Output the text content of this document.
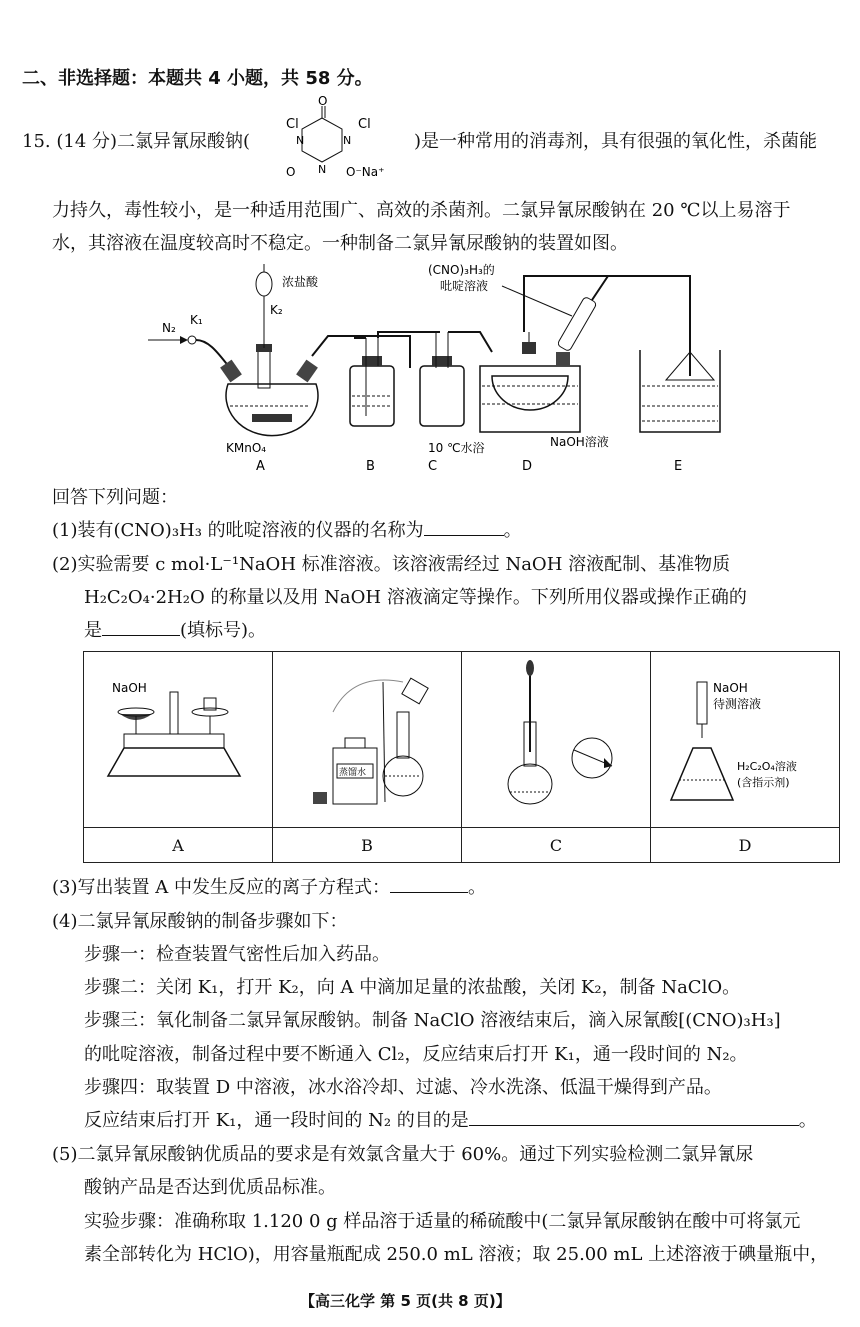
二、非选择题：本题共 4 小题，共 58 分。
15. (14 分)二氯异氰尿酸钠(
O
Cl	Cl
N	N
N
O	O⁻Na⁺
)是一种常用的消毒剂，具有很强的氧化性，杀菌能
力持久，毒性较小，是一种适用范围广、高效的杀菌剂。二氯异氰尿酸钠在 20 ℃以上易溶于
水，其溶液在温度较高时不稳定。一种制备二氯异氰尿酸钠的装置如图。
N₂
K₁
KMnO₄
A
浓盐酸
K₂
B	C
10 ℃水浴	NaOH溶液
D
(CNO)₃H₃的
吡啶溶液
E
回答下列问题：
(1)装有(CNO)₃H₃ 的吡啶溶液的仪器的名称为	。
(2)实验需要 c mol·L⁻¹NaOH 标准溶液。该溶液需经过 NaOH 溶液配制、基准物质
H₂C₂O₄·2H₂O 的称量以及用 NaOH 溶液滴定等操作。下列所用仪器或操作正确的
是	(填标号)。
NaOH	蒸馏水		NaOH
待测溶液
H₂C₂O₄溶液
(含指示剂)

A	B	C	D
(3)写出装置 A 中发生反应的离子方程式：	。
(4)二氯异氰尿酸钠的制备步骤如下：
步骤一：检查装置气密性后加入药品。
步骤二：关闭 K₁，打开 K₂，向 A 中滴加足量的浓盐酸，关闭 K₂，制备 NaClO。
步骤三：氧化制备二氯异氰尿酸钠。制备 NaClO 溶液结束后，滴入尿氰酸[(CNO)₃H₃]
的吡啶溶液，制备过程中要不断通入 Cl₂，反应结束后打开 K₁，通一段时间的 N₂。
步骤四：取装置 D 中溶液，冰水浴冷却、过滤、冷水洗涤、低温干燥得到产品。
反应结束后打开 K₁，通一段时间的 N₂ 的目的是	。
(5)二氯异氰尿酸钠优质品的要求是有效氯含量大于 60%。通过下列实验检测二氯异氰尿
酸钠产品是否达到优质品标准。
实验步骤：准确称取 1.120 0 g 样品溶于适量的稀硫酸中(二氯异氰尿酸钠在酸中可将氯元
素全部转化为 HClO)，用容量瓶配成 250.0 mL 溶液；取 25.00 mL 上述溶液于碘量瓶中，
【高三化学 第 5 页(共 8 页)】
